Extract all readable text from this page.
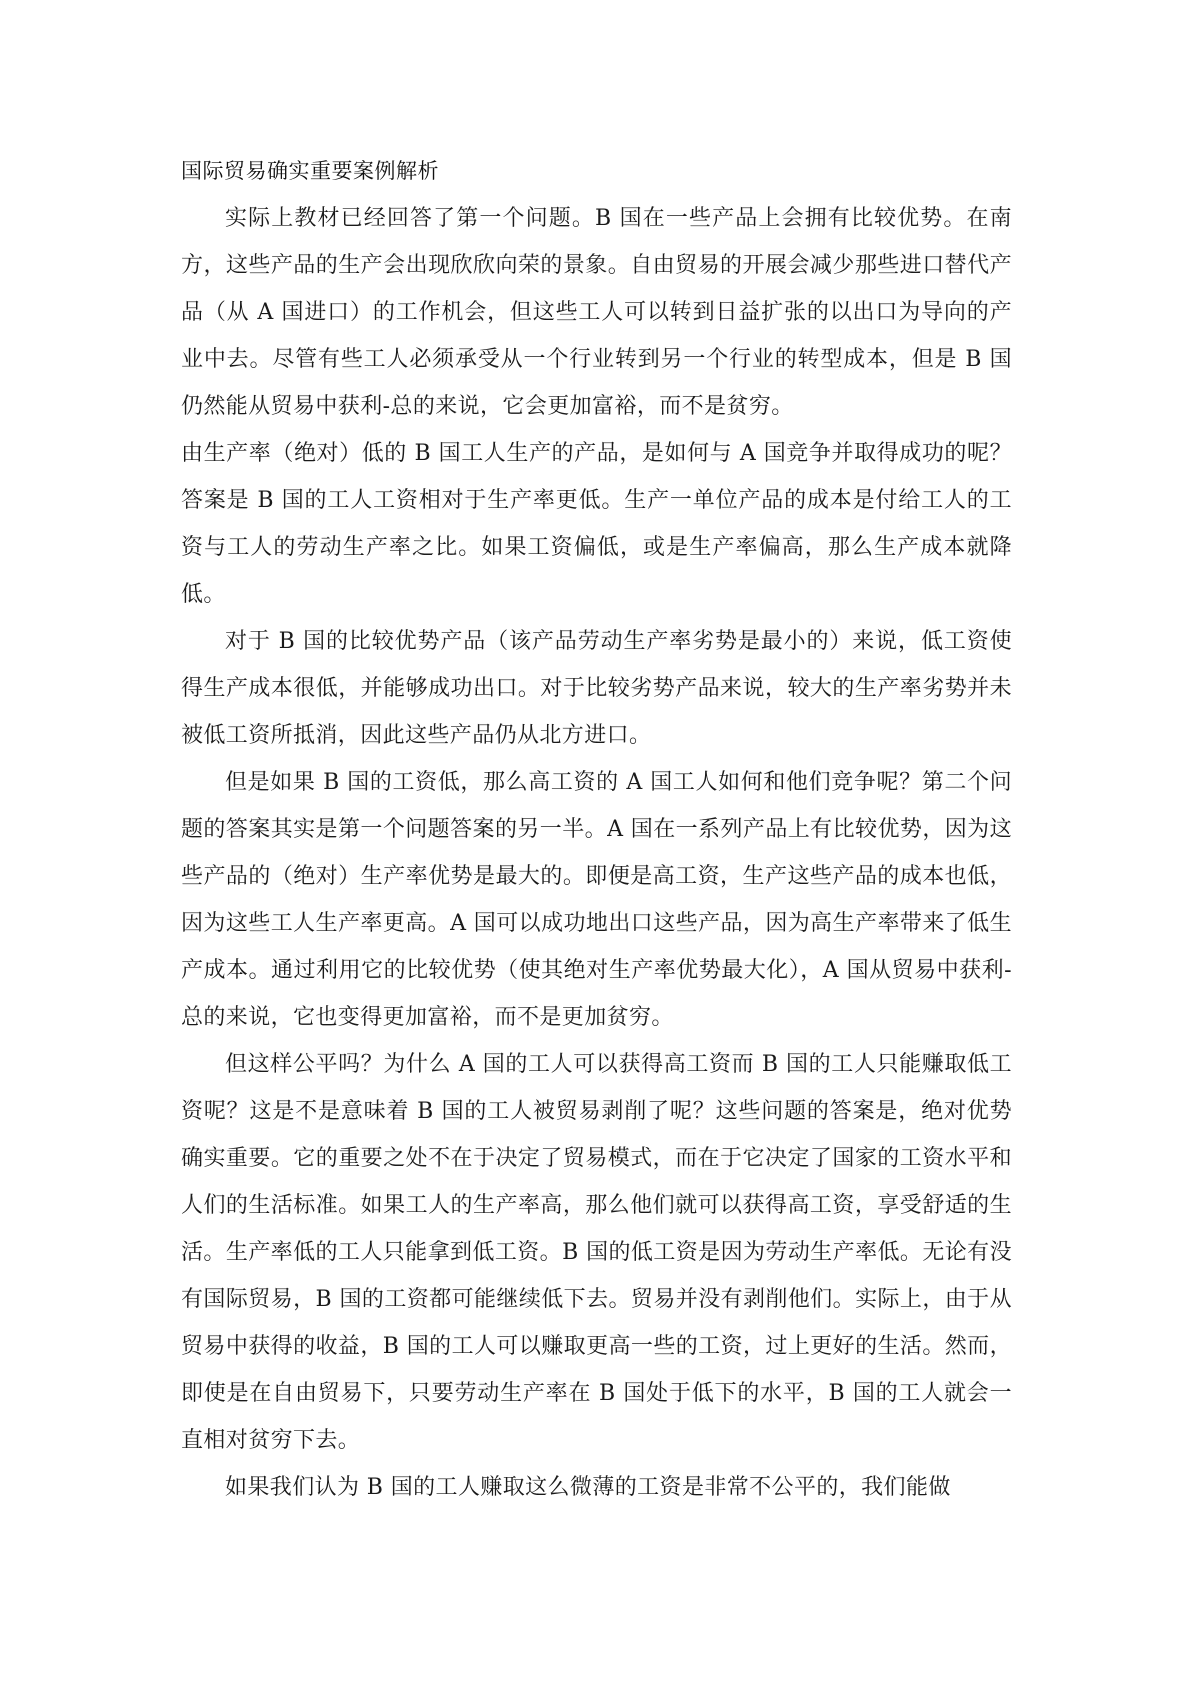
国际贸易确实重要案例解析

实际上教材已经回答了第一个问题。B 国在一些产品上会拥有比较优势。在南方，这些产品的生产会出现欣欣向荣的景象。自由贸易的开展会减少那些进口替代产品（从 A 国进口）的工作机会，但这些工人可以转到日益扩张的以出口为导向的产业中去。尽管有些工人必须承受从一个行业转到另一个行业的转型成本，但是 B 国仍然能从贸易中获利-总的来说，它会更加富裕，而不是贫穷。

由生产率（绝对）低的 B 国工人生产的产品，是如何与 A 国竞争并取得成功的呢？答案是 B 国的工人工资相对于生产率更低。生产一单位产品的成本是付给工人的工资与工人的劳动生产率之比。如果工资偏低，或是生产率偏高，那么生产成本就降低。

对于 B 国的比较优势产品（该产品劳动生产率劣势是最小的）来说，低工资使得生产成本很低，并能够成功出口。对于比较劣势产品来说，较大的生产率劣势并未被低工资所抵消，因此这些产品仍从北方进口。

但是如果 B 国的工资低，那么高工资的 A 国工人如何和他们竞争呢？第二个问题的答案其实是第一个问题答案的另一半。A 国在一系列产品上有比较优势，因为这些产品的（绝对）生产率优势是最大的。即便是高工资，生产这些产品的成本也低，因为这些工人生产率更高。A 国可以成功地出口这些产品，因为高生产率带来了低生产成本。通过利用它的比较优势（使其绝对生产率优势最大化），A 国从贸易中获利-总的来说，它也变得更加富裕，而不是更加贫穷。

但这样公平吗？为什么 A 国的工人可以获得高工资而 B 国的工人只能赚取低工资呢？这是不是意味着 B 国的工人被贸易剥削了呢？这些问题的答案是，绝对优势确实重要。它的重要之处不在于决定了贸易模式，而在于它决定了国家的工资水平和人们的生活标准。如果工人的生产率高，那么他们就可以获得高工资，享受舒适的生活。生产率低的工人只能拿到低工资。B 国的低工资是因为劳动生产率低。无论有没有国际贸易，B 国的工资都可能继续低下去。贸易并没有剥削他们。实际上，由于从贸易中获得的收益，B 国的工人可以赚取更高一些的工资，过上更好的生活。然而，即使是在自由贸易下，只要劳动生产率在 B 国处于低下的水平，B 国的工人就会一直相对贫穷下去。

如果我们认为 B 国的工人赚取这么微薄的工资是非常不公平的，我们能做
